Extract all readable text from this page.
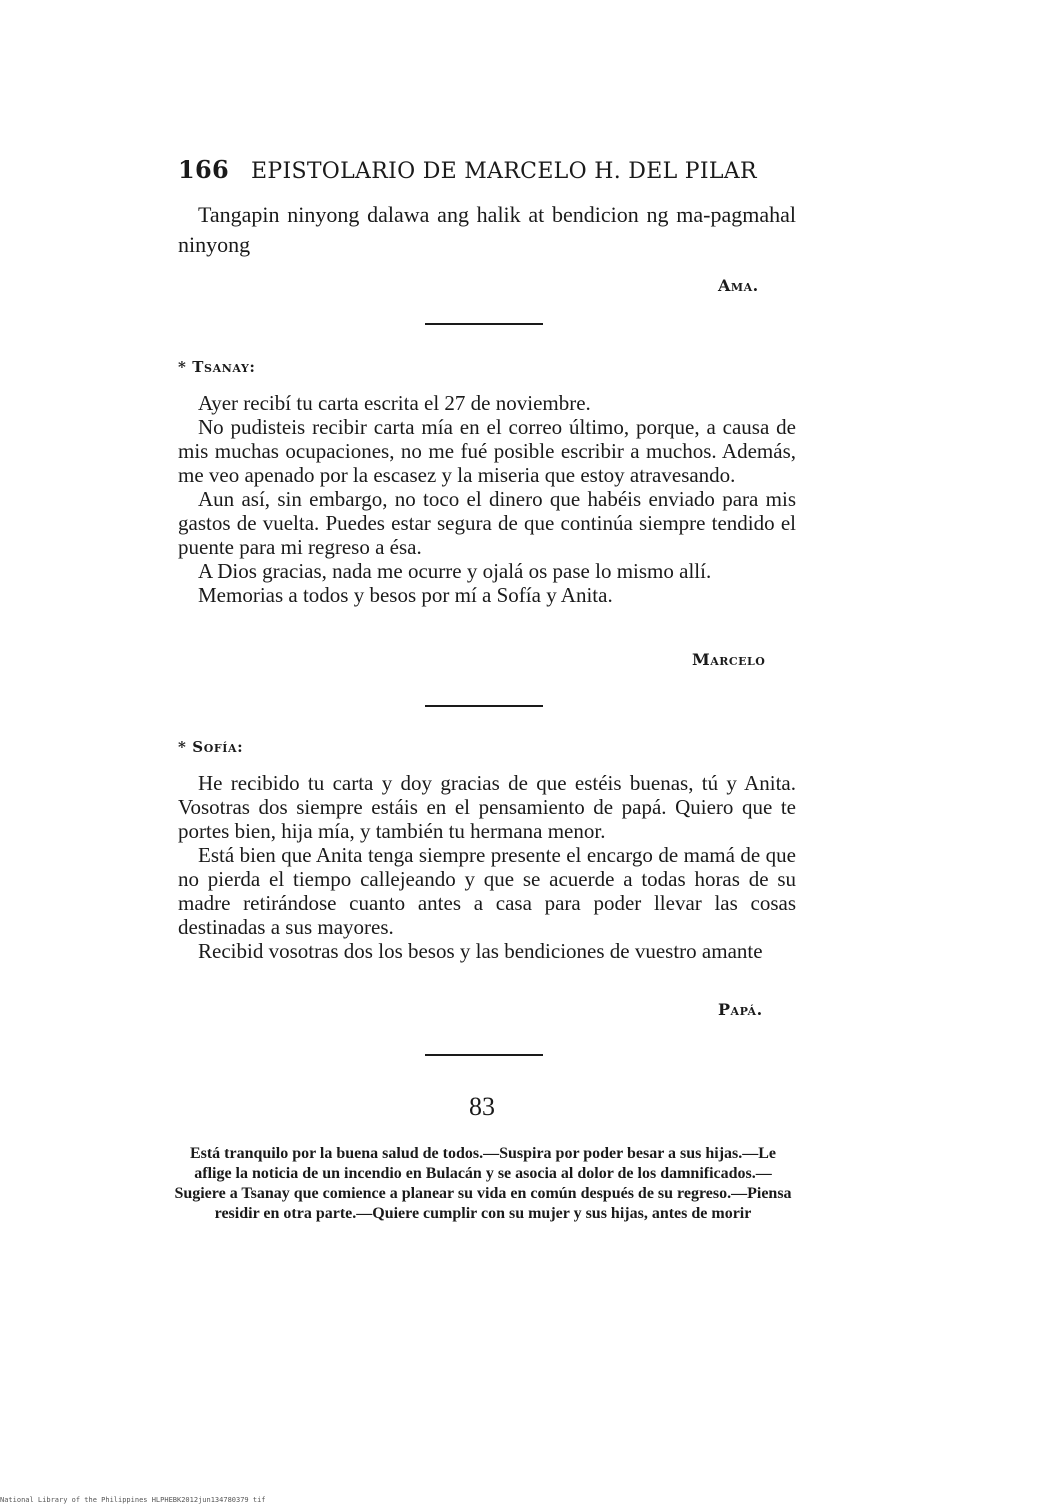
166 EPISTOLARIO DE MARCELO H. DEL PILAR

Tangapin ninyong dalawa ang halik at bendicion ng ma-pagmahal ninyong

Ama.
* Tsanay:

Ayer recibí tu carta escrita el 27 de noviembre.

No pudisteis recibir carta mía en el correo último, porque, a causa de mis muchas ocupaciones, no me fué posible escribir a muchos. Además, me veo apenado por la escasez y la miseria que estoy atravesando.

Aun así, sin embargo, no toco el dinero que habéis enviado para mis gastos de vuelta. Puedes estar segura de que continúa siempre tendido el puente para mi regreso a ésa.

A Dios gracias, nada me ocurre y ojalá os pase lo mismo allí.

Memorias a todos y besos por mí a Sofía y Anita.

Marcelo
* Sofía:

He recibido tu carta y doy gracias de que estéis buenas, tú y Anita. Vosotras dos siempre estáis en el pensamiento de papá. Quiero que te portes bien, hija mía, y también tu hermana menor.

Está bien que Anita tenga siempre presente el encargo de mamá de que no pierda el tiempo callejeando y que se acuerde a todas horas de su madre retirándose cuanto antes a casa para poder llevar las cosas destinadas a sus mayores.

Recibid vosotras dos los besos y las bendiciones de vuestro amante

Papá.
83
Está tranquilo por la buena salud de todos.—Suspira por poder besar a sus hijas.—Le aflige la noticia de un incendio en Bulacán y se asocia al dolor de los damnificados.—Sugiere a Tsanay que comience a planear su vida en común después de su regreso.—Piensa residir en otra parte.—Quiere cumplir con su mujer y sus hijas, antes de morir
National Library of the Philippines HLPHEBK2012jun134780379 tif
